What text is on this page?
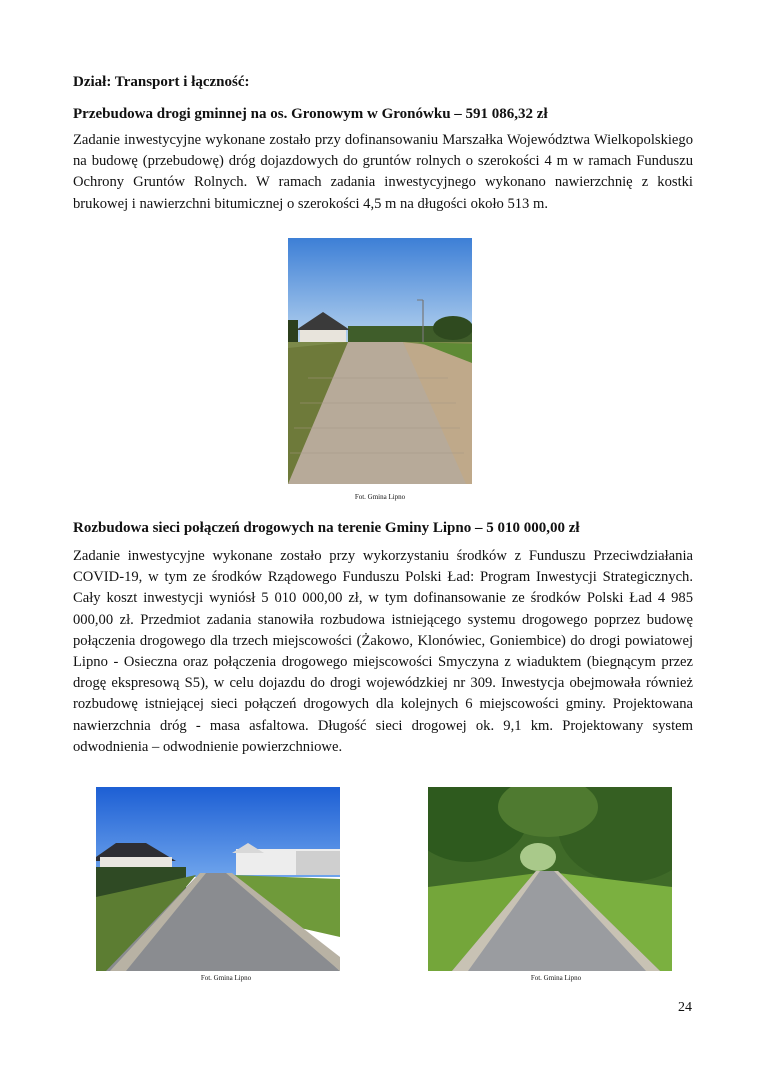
Dział: Transport i łączność:
Przebudowa drogi gminnej na os. Gronowym w Gronówku – 591 086,32 zł
Zadanie inwestycyjne wykonane zostało przy dofinansowaniu Marszałka Województwa Wielkopolskiego na budowę (przebudowę) dróg dojazdowych do gruntów rolnych o szerokości 4 m w ramach Funduszu Ochrony Gruntów Rolnych. W ramach zadania inwestycyjnego wykonano nawierzchnię z kostki brukowej i nawierzchni bitumicznej o szerokości 4,5 m na długości około 513 m.
Fot. Gmina Lipno
Rozbudowa sieci połączeń drogowych na terenie Gminy Lipno – 5 010 000,00 zł
Zadanie inwestycyjne wykonane zostało przy wykorzystaniu środków z Funduszu Przeciwdziałania COVID-19, w tym ze środków Rządowego Funduszu Polski Ład: Program Inwestycji Strategicznych. Cały koszt inwestycji wyniósł 5 010 000,00 zł, w tym dofinansowanie ze środków Polski Ład 4 985 000,00 zł. Przedmiot zadania stanowiła rozbudowa istniejącego systemu drogowego poprzez budowę połączenia drogowego dla trzech miejscowości (Żakowo, Klonówiec, Goniembice) do drogi powiatowej Lipno - Osieczna oraz połączenia drogowego miejscowości Smyczyna z wiaduktem (biegnącym przez drogę ekspresową S5), w celu dojazdu do drogi wojewódzkiej nr 309. Inwestycja obejmowała również rozbudowę istniejącej sieci połączeń drogowych dla kolejnych 6 miejscowości gminy. Projektowana nawierzchnia dróg - masa asfaltowa. Długość sieci drogowej ok. 9,1 km. Projektowany system odwodnienia – odwodnienie powierzchniowe.
Fot. Gmina Lipno	Fot. Gmina Lipno
24
